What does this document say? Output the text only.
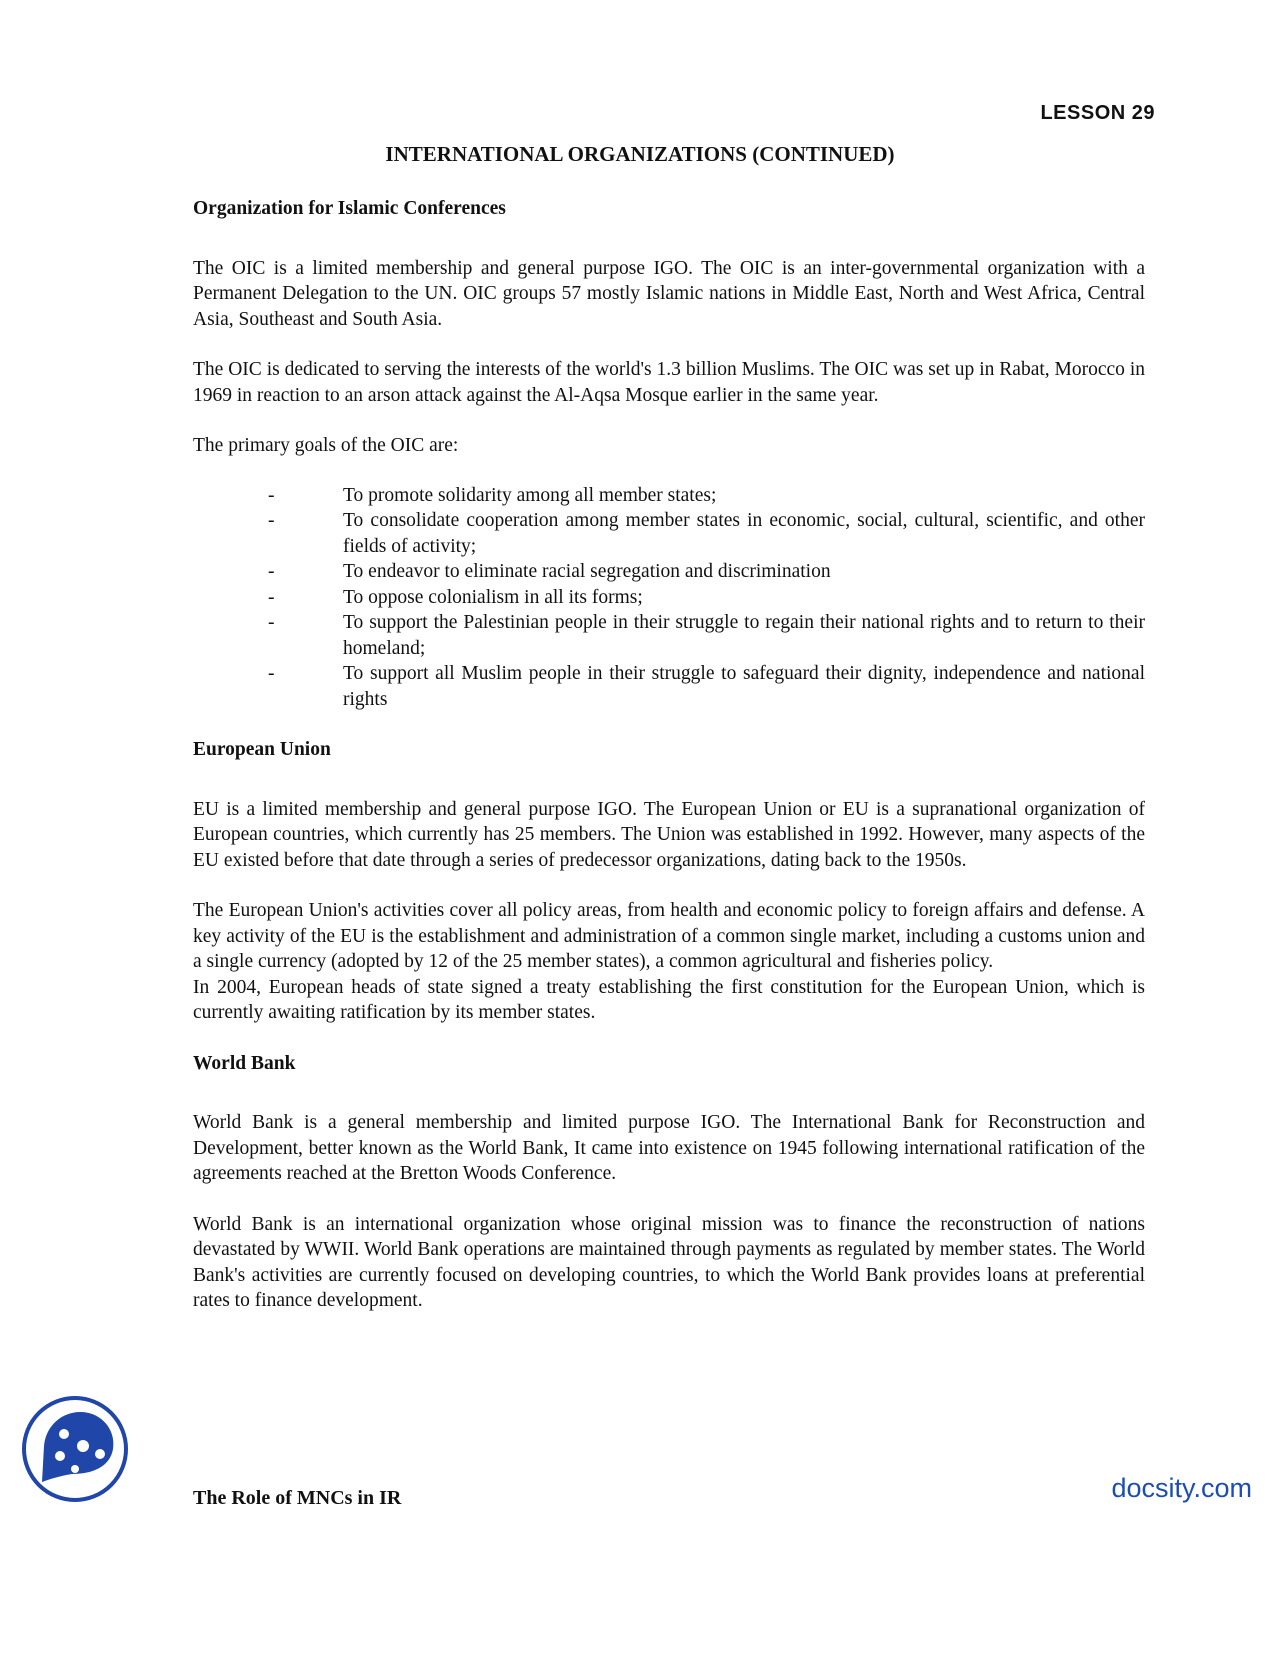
LESSON 29
INTERNATIONAL ORGANIZATIONS (CONTINUED)
Organization for Islamic Conferences
The OIC is a limited membership and general purpose IGO. The OIC is an inter-governmental organization with a Permanent Delegation to the UN. OIC groups 57 mostly Islamic nations in Middle East, North and West Africa, Central Asia, Southeast and South Asia.
The OIC is dedicated to serving the interests of the world's 1.3 billion Muslims. The OIC was set up in Rabat, Morocco in 1969 in reaction to an arson attack against the Al-Aqsa Mosque earlier in the same year.
The primary goals of the OIC are:
-	To promote solidarity among all member states;
-	To consolidate cooperation among member states in economic, social, cultural, scientific, and other fields of activity;
-	To endeavor to eliminate racial segregation and discrimination
-	To oppose colonialism in all its forms;
-	To support the Palestinian people in their struggle to regain their national rights and to return to their homeland;
-	To support all Muslim people in their struggle to safeguard their dignity, independence and national rights
European Union
EU is a limited membership and general purpose IGO. The European Union or EU is a supranational organization of European countries, which currently has 25 members. The Union was established in 1992. However, many aspects of the EU existed before that date through a series of predecessor organizations, dating back to the 1950s.
The European Union's activities cover all policy areas, from health and economic policy to foreign affairs and defense. A key activity of the EU is the establishment and administration of a common single market, including a customs union and a single currency (adopted by 12 of the 25 member states), a common agricultural and fisheries policy.
In 2004, European heads of state signed a treaty establishing the first constitution for the European Union, which is currently awaiting ratification by its member states.
World Bank
World Bank is a general membership and limited purpose IGO. The International Bank for Reconstruction and Development, better known as the World Bank, It came into existence on 1945 following international ratification of the agreements reached at the Bretton Woods Conference.
World Bank is an international organization whose original mission was to finance the reconstruction of nations devastated by WWII. World Bank operations are maintained through payments as regulated by member states. The World Bank's activities are currently focused on developing countries, to which the World Bank provides loans at preferential rates to finance development.
The Role of MNCs in IR	docsity.com
